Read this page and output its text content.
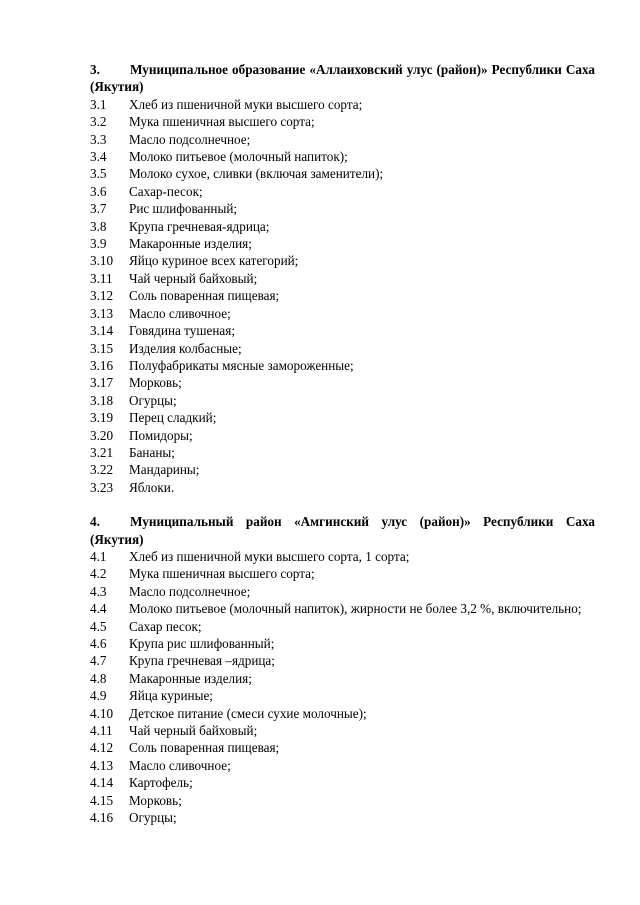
3. Муниципальное образование «Аллаиховский улус (район)» Республики Саха (Якутия)

3.1	Хлеб из пшеничной муки высшего сорта;
3.2	Мука пшеничная высшего сорта;
3.3	Масло подсолнечное;
3.4	Молоко питьевое (молочный напиток);
3.5	Молоко сухое, сливки (включая заменители);
3.6	Сахар-песок;
3.7	Рис шлифованный;
3.8	Крупа гречневая-ядрица;
3.9	Макаронные изделия;
3.10	Яйцо куриное всех категорий;
3.11	Чай черный байховый;
3.12	Соль поваренная пищевая;
3.13	Масло сливочное;
3.14	Говядина тушеная;
3.15	Изделия колбасные;
3.16	Полуфабрикаты мясные замороженные;
3.17	Морковь;
3.18	Огурцы;
3.19	Перец сладкий;
3.20	Помидоры;
3.21	Бананы;
3.22	Мандарины;
3.23	Яблоки.

4. Муниципальный район «Амгинский улус (район)» Республики Саха (Якутия)

4.1	Хлеб из пшеничной муки высшего сорта, 1 сорта;
4.2	Мука пшеничная высшего сорта;
4.3	Масло подсолнечное;

4.4 Молоко питьевое (молочный напиток), жирности не более 3,2 %, включительно;

4.5	Сахар песок;
4.6	Крупа рис шлифованный;
4.7	Крупа гречневая –ядрица;
4.8	Макаронные изделия;
4.9	Яйца куриные;
4.10	Детское питание (смеси сухие молочные);
4.11	Чай черный байховый;
4.12	Соль поваренная пищевая;
4.13	Масло сливочное;
4.14	Картофель;
4.15	Морковь;
4.16	Огурцы;
